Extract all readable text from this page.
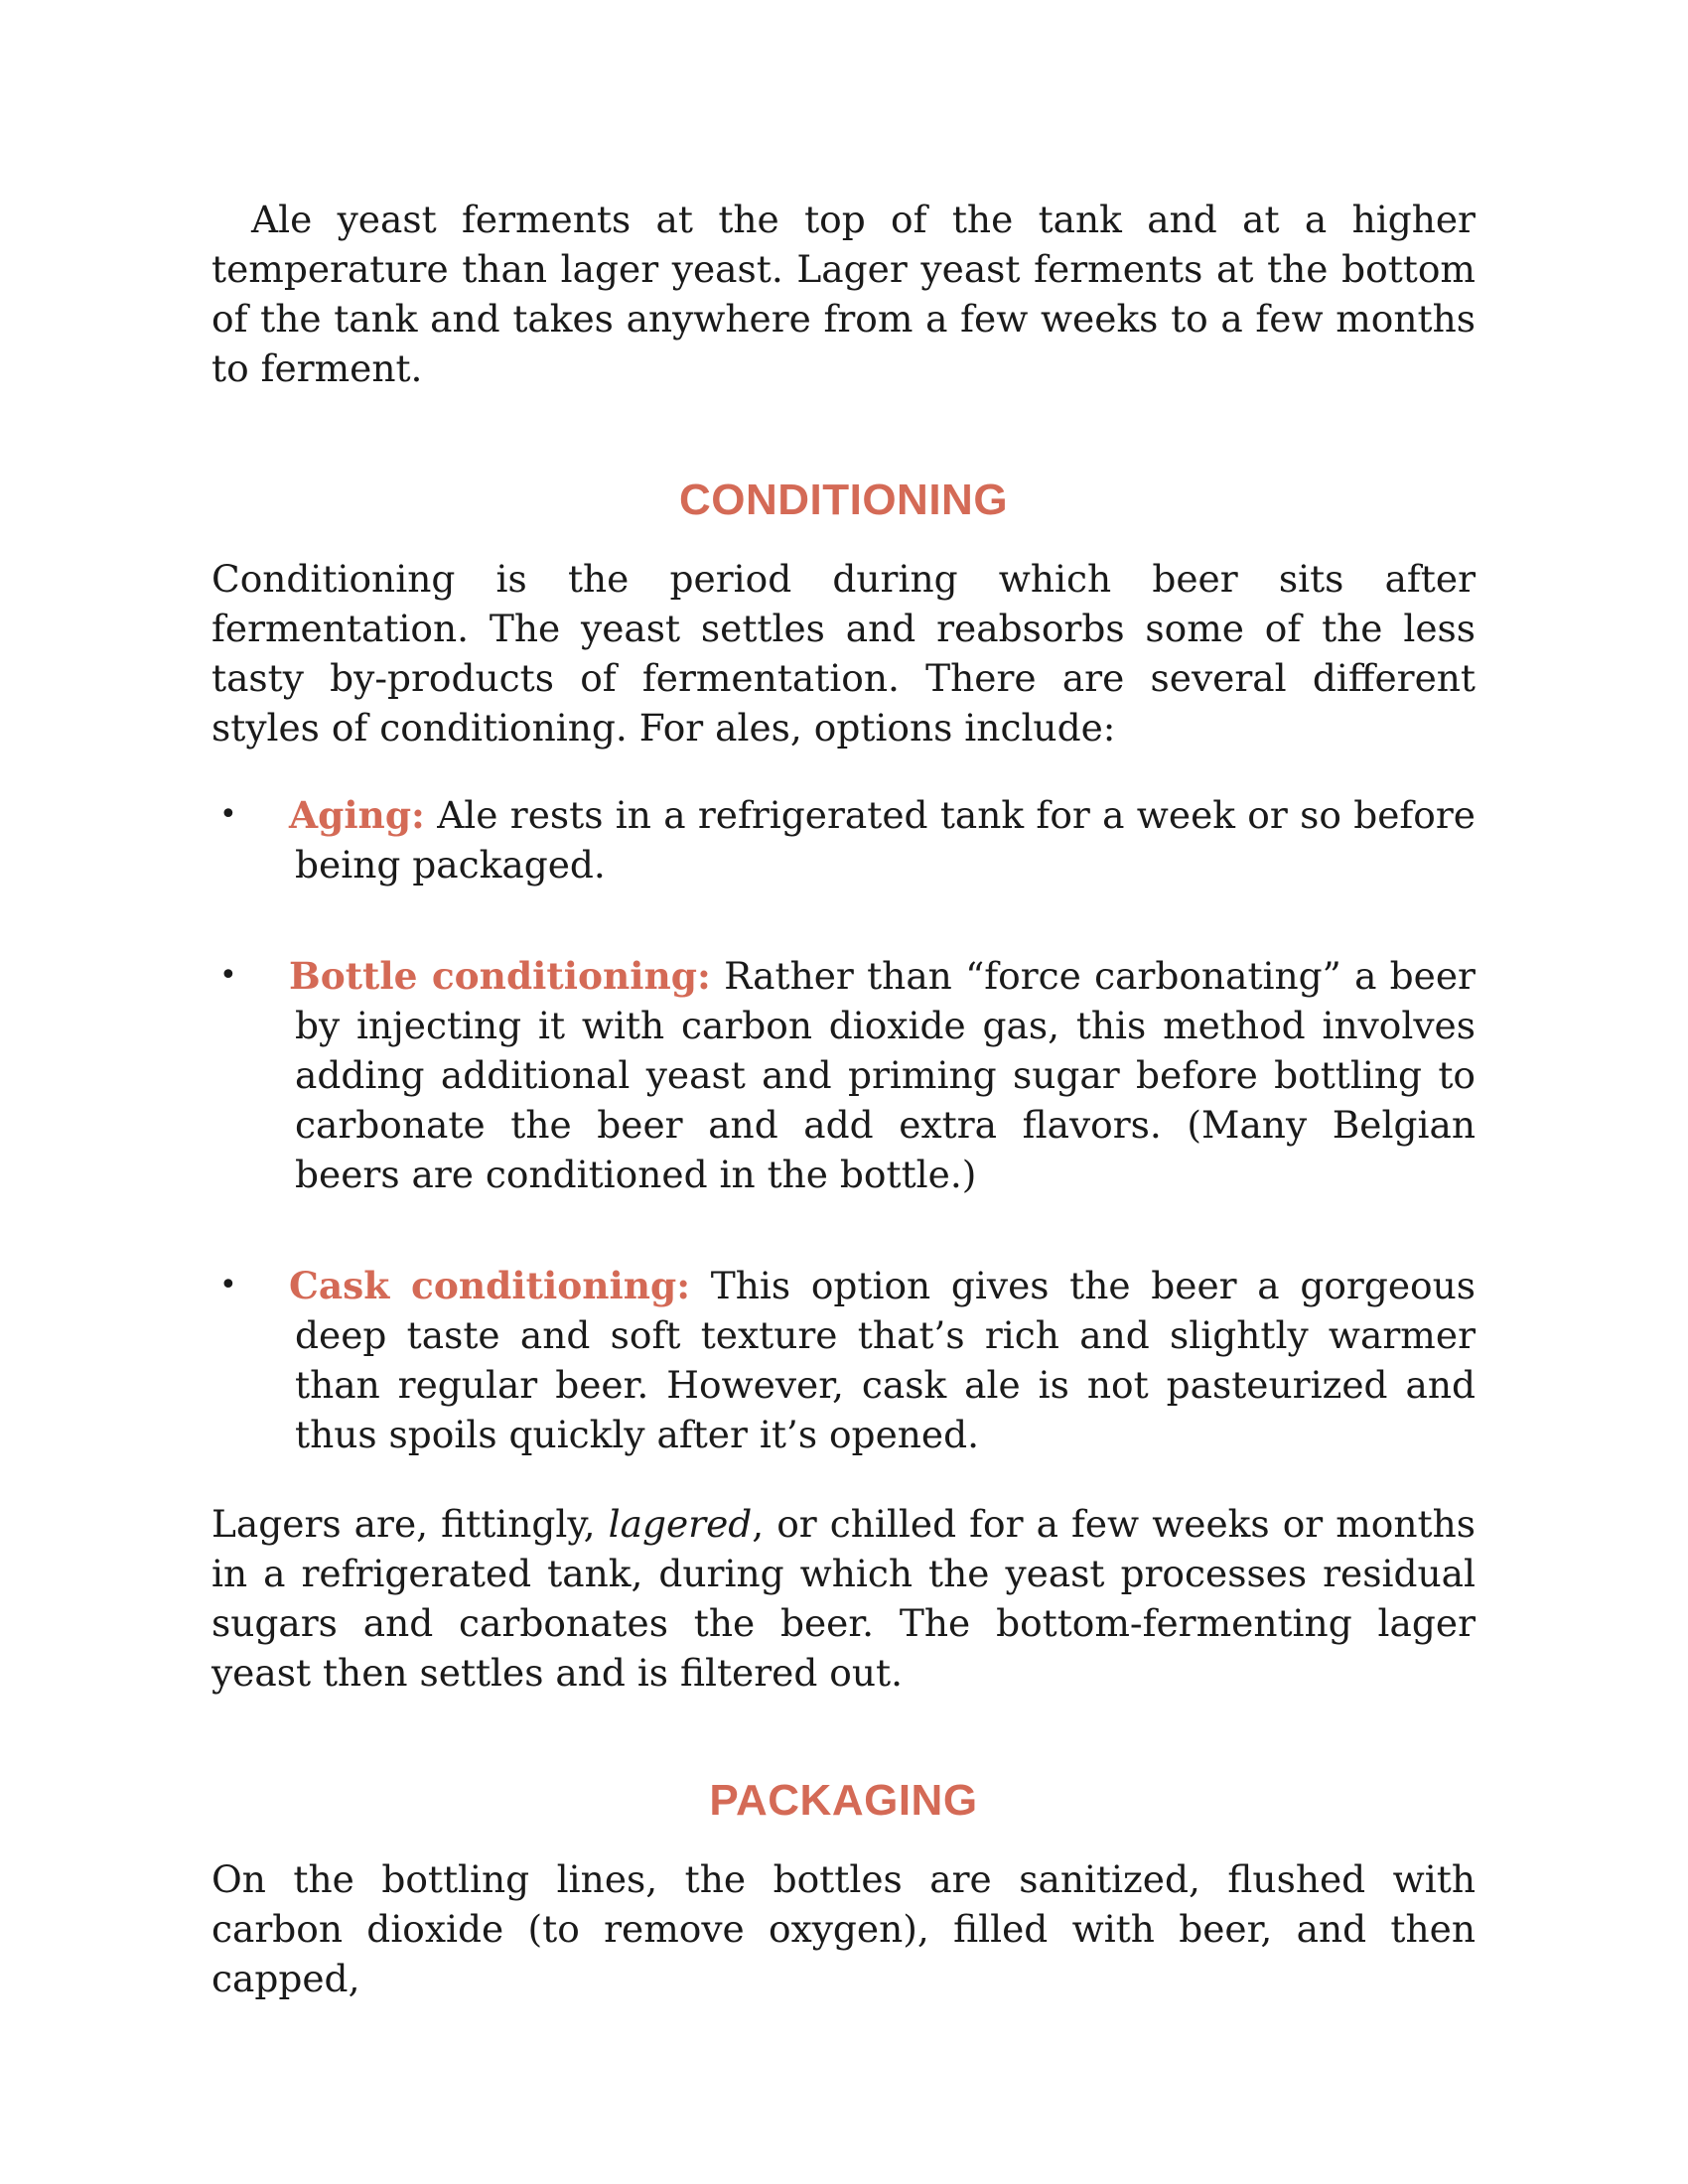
Ale yeast ferments at the top of the tank and at a higher temperature than lager yeast. Lager yeast ferments at the bottom of the tank and takes anywhere from a few weeks to a few months to ferment.

CONDITIONING

Conditioning is the period during which beer sits after fermentation. The yeast settles and reabsorbs some of the less tasty by-products of fermentation. There are several different styles of conditioning. For ales, options include:

• Aging: Ale rests in a refrigerated tank for a week or so before being packaged.
• Bottle conditioning: Rather than “force carbonating” a beer by injecting it with carbon dioxide gas, this method involves adding additional yeast and priming sugar before bottling to carbonate the beer and add extra flavors. (Many Belgian beers are conditioned in the bottle.)
• Cask conditioning: This option gives the beer a gorgeous deep taste and soft texture that’s rich and slightly warmer than regular beer. However, cask ale is not pasteurized and thus spoils quickly after it’s opened.

Lagers are, fittingly, lagered, or chilled for a few weeks or months in a refrigerated tank, during which the yeast processes residual sugars and carbonates the beer. The bottom-fermenting lager yeast then settles and is filtered out.

PACKAGING

On the bottling lines, the bottles are sanitized, flushed with carbon dioxide (to remove oxygen), filled with beer, and then capped,
